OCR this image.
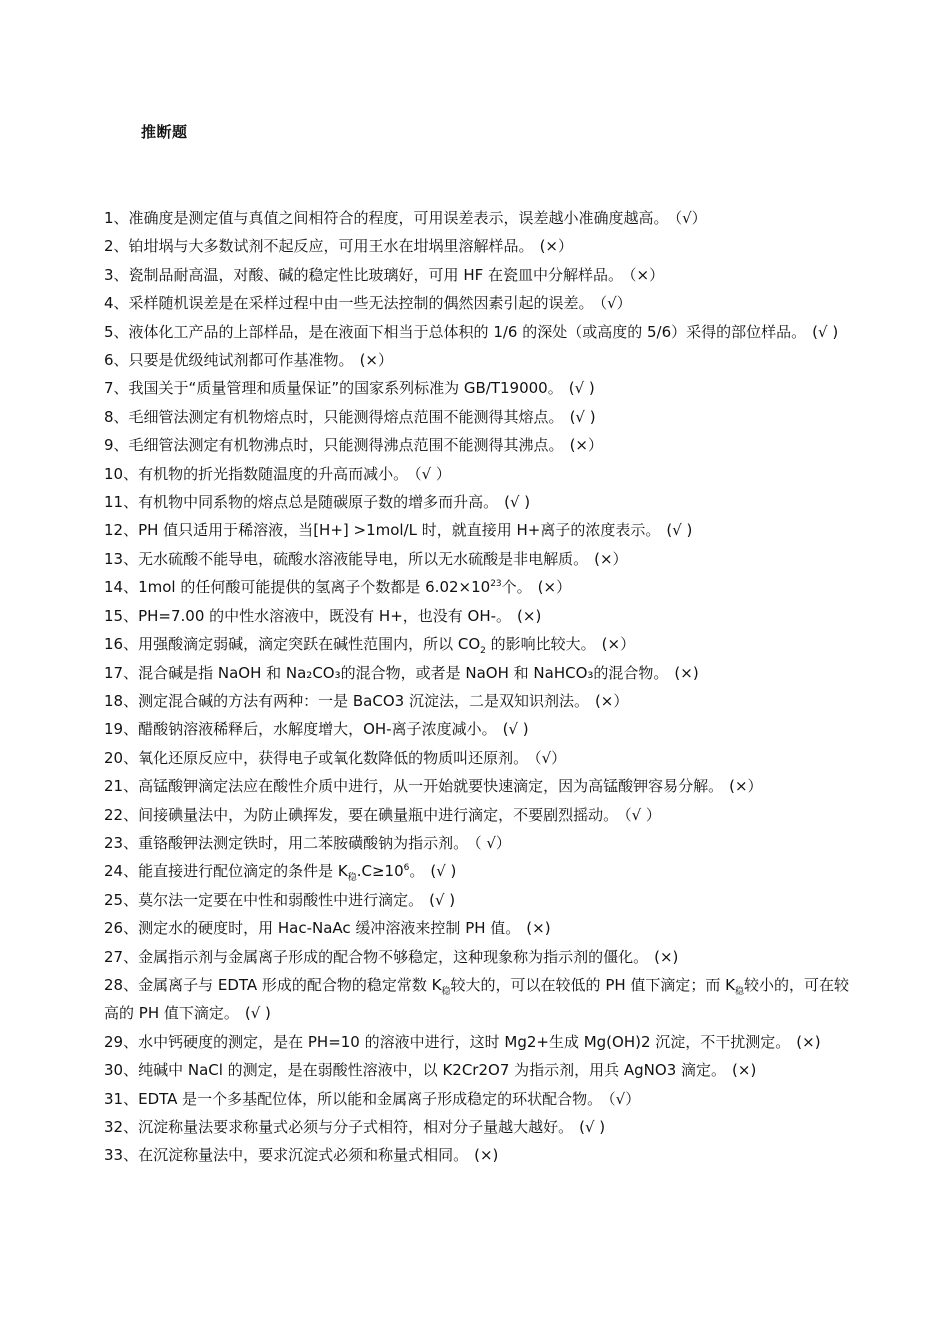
推断题
1、准确度是测定值与真值之间相符合的程度，可用误差表示，误差越小准确度越高。 （√）
2、铂坩埚与大多数试剂不起反应，可用王水在坩埚里溶解样品。 (×）
3、瓷制品耐高温，对酸、碱的稳定性比玻璃好，可用 HF 在瓷皿中分解样品。 （×）
4、采样随机误差是在采样过程中由一些无法控制的偶然因素引起的误差。 （√）
5、液体化工产品的上部样品，是在液面下相当于总体积的 1/6 的深处（或高度的 5/6）采得的部位样品。 (√ )
6、只要是优级纯试剂都可作基准物。 (×）
7、我国关于“质量管理和质量保证”的国家系列标准为 GB/T19000。 (√ )
8、毛细管法测定有机物熔点时，只能测得熔点范围不能测得其熔点。 (√ )
9、毛细管法测定有机物沸点时，只能测得沸点范围不能测得其沸点。 (×）
10、有机物的折光指数随温度的升高而减小。 （√ ）
11、有机物中同系物的熔点总是随碳原子数的增多而升高。 (√ )
12、PH 值只适用于稀溶液，当[H+] >1mol/L 时，就直接用 H+离子的浓度表示。 (√ )
13、无水硫酸不能导电，硫酸水溶液能导电，所以无水硫酸是非电解质。 (×）
14、1mol 的任何酸可能提供的氢离子个数都是 $6.02\times 10^{23}$个。 (×）
15、PH=7.00 的中性水溶液中，既没有 H+，也没有 OH-。 (×)
16、用强酸滴定弱碱，滴定突跃在碱性范围内，所以 $CO_2$ 的影响比较大。 (×）
17、混合碱是指 NaOH 和 Na₂CO₃的混合物，或者是 NaOH 和 NaHCO₃的混合物。 (×)
18、测定混合碱的方法有两种：一是 BaCO3 沉淀法，二是双知识剂法。 (×）
19、醋酸钠溶液稀释后，水解度增大，OH-离子浓度减小。 (√ )
20、氧化还原反应中，获得电子或氧化数降低的物质叫还原剂。 （√）
21、高锰酸钾滴定法应在酸性介质中进行，从一开始就要快速滴定，因为高锰酸钾容易分解。 (×）
22、间接碘量法中，为防止碘挥发，要在碘量瓶中进行滴定，不要剧烈摇动。 （√ ）
23、重铬酸钾法测定铁时，用二苯胺磺酸钠为指示剂。 （ √）
24、能直接进行配位滴定的条件是 $K_稳.C\ge 10^6$。 (√ )
25、莫尔法一定要在中性和弱酸性中进行滴定。 (√ )
26、测定水的硬度时，用 Hac-NaAc 缓冲溶液来控制 PH 值。 (×)
27、金属指示剂与金属离子形成的配合物不够稳定，这种现象称为指示剂的僵化。 (×)
28、金属离子与 EDTA 形成的配合物的稳定常数 $K_稳$较大的，可以在较低的 PH 值下滴定；而 $K_稳$较小的，可在较高的 PH 值下滴定。 (√ )
29、水中钙硬度的测定，是在 PH=10 的溶液中进行，这时 Mg2+生成 Mg(OH)2 沉淀，不干扰测定。 (×)
30、纯碱中 NaCl 的测定，是在弱酸性溶液中，以 K2Cr2O7 为指示剂，用兵 AgNO3 滴定。 (×)
31、EDTA 是一个多基配位体，所以能和金属离子形成稳定的环状配合物。 （√）
32、沉淀称量法要求称量式必须与分子式相符，相对分子量越大越好。 (√ )
33、在沉淀称量法中，要求沉淀式必须和称量式相同。 (×)
